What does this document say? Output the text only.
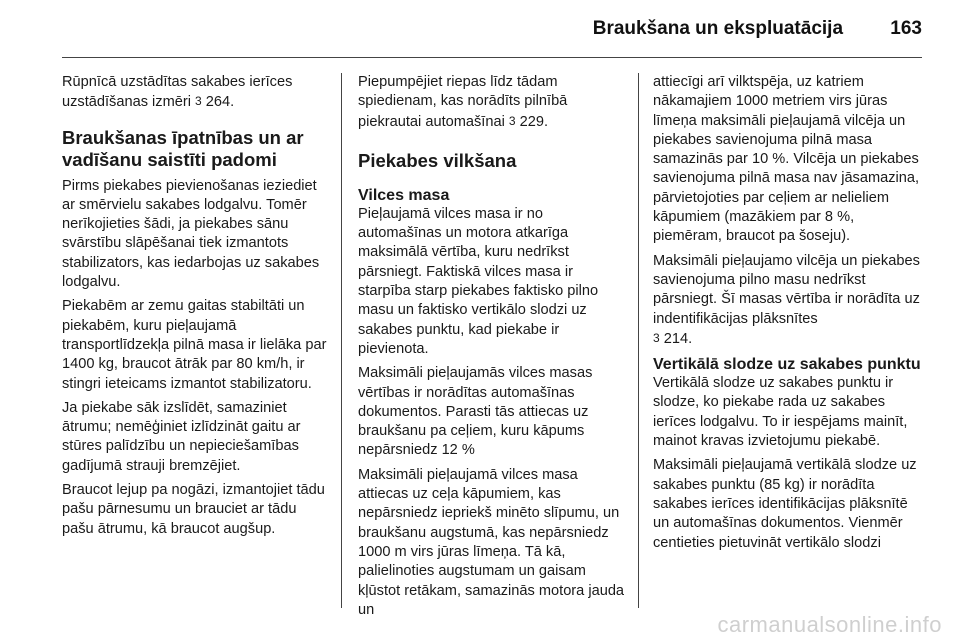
Braukšana un ekspluatācija 163

Rūpnīcā uzstādītas sakabes ierīces uzstādīšanas izmēri 3 264.

Braukšanas īpatnības un ar vadīšanu saistīti padomi

Pirms piekabes pievienošanas ieziediet ar smērvielu sakabes lodgalvu. Tomēr nerīkojieties šādi, ja piekabes sānu svārstību slāpēšanai tiek izmantots stabilizators, kas iedarbojas uz sakabes lodgalvu.

Piekabēm ar zemu gaitas stabiltāti un piekabēm, kuru pieļaujamā transportlīdzekļa pilnā masa ir lielāka par 1400 kg, braucot ātrāk par 80 km/h, ir stingri ieteicams izmantot stabilizatoru.

Ja piekabe sāk izslīdēt, samaziniet ātrumu; nemēģiniet izlīdzināt gaitu ar stūres palīdzību un nepieciešamības gadījumā strauji bremzējiet.

Braucot lejup pa nogāzi, izmantojiet tādu pašu pārnesumu un brauciet ar tādu pašu ātrumu, kā braucot augšup.

Piepumpējiet riepas līdz tādam spiedienam, kas norādīts pilnībā piekrautai automašīnai 3 229.

Piekabes vilkšana
Vilces masa

Pieļaujamā vilces masa ir no automašīnas un motora atkarīga maksimālā vērtība, kuru nedrīkst pārsniegt. Faktiskā vilces masa ir starpība starp piekabes faktisko pilno masu un faktisko vertikālo slodzi uz sakabes punktu, kad piekabe ir pievienota.

Maksimāli pieļaujamās vilces masas vērtības ir norādītas automašīnas dokumentos. Parasti tās attiecas uz braukšanu pa ceļiem, kuru kāpums nepārsniedz 12 %

Maksimāli pieļaujamā vilces masa attiecas uz ceļa kāpumiem, kas nepārsniedz iepriekš minēto slīpumu, un braukšanu augstumā, kas nepārsniedz 1000 m virs jūras līmeņa. Tā kā, palielinoties augstumam un gaisam kļūstot retākam, samazinās motora jauda un

attiecīgi arī vilktspēja, uz katriem nākamajiem 1000 metriem virs jūras līmeņa maksimāli pieļaujamā vilcēja un piekabes savienojuma pilnā masa samazinās par 10 %. Vilcēja un piekabes savienojuma pilnā masa nav jāsamazina, pārvietojoties par ceļiem ar nelieliem kāpumiem (mazākiem par 8 %, piemēram, braucot pa šoseju).

Maksimāli pieļaujamo vilcēja un piekabes savienojuma pilno masu nedrīkst pārsniegt. Šī masas vērtība ir norādīta uz indentifikācijas plāksnītes
3 214.

Vertikālā slodze uz sakabes punktu

Vertikālā slodze uz sakabes punktu ir slodze, ko piekabe rada uz sakabes ierīces lodgalvu. To ir iespējams mainīt, mainot kravas izvietojumu piekabē.

Maksimāli pieļaujamā vertikālā slodze uz sakabes punktu (85 kg) ir norādīta sakabes ierīces identifikācijas plāksnītē un automašīnas dokumentos. Vienmēr centieties pietuvināt vertikālo slodzi

carmanualsonline.info
